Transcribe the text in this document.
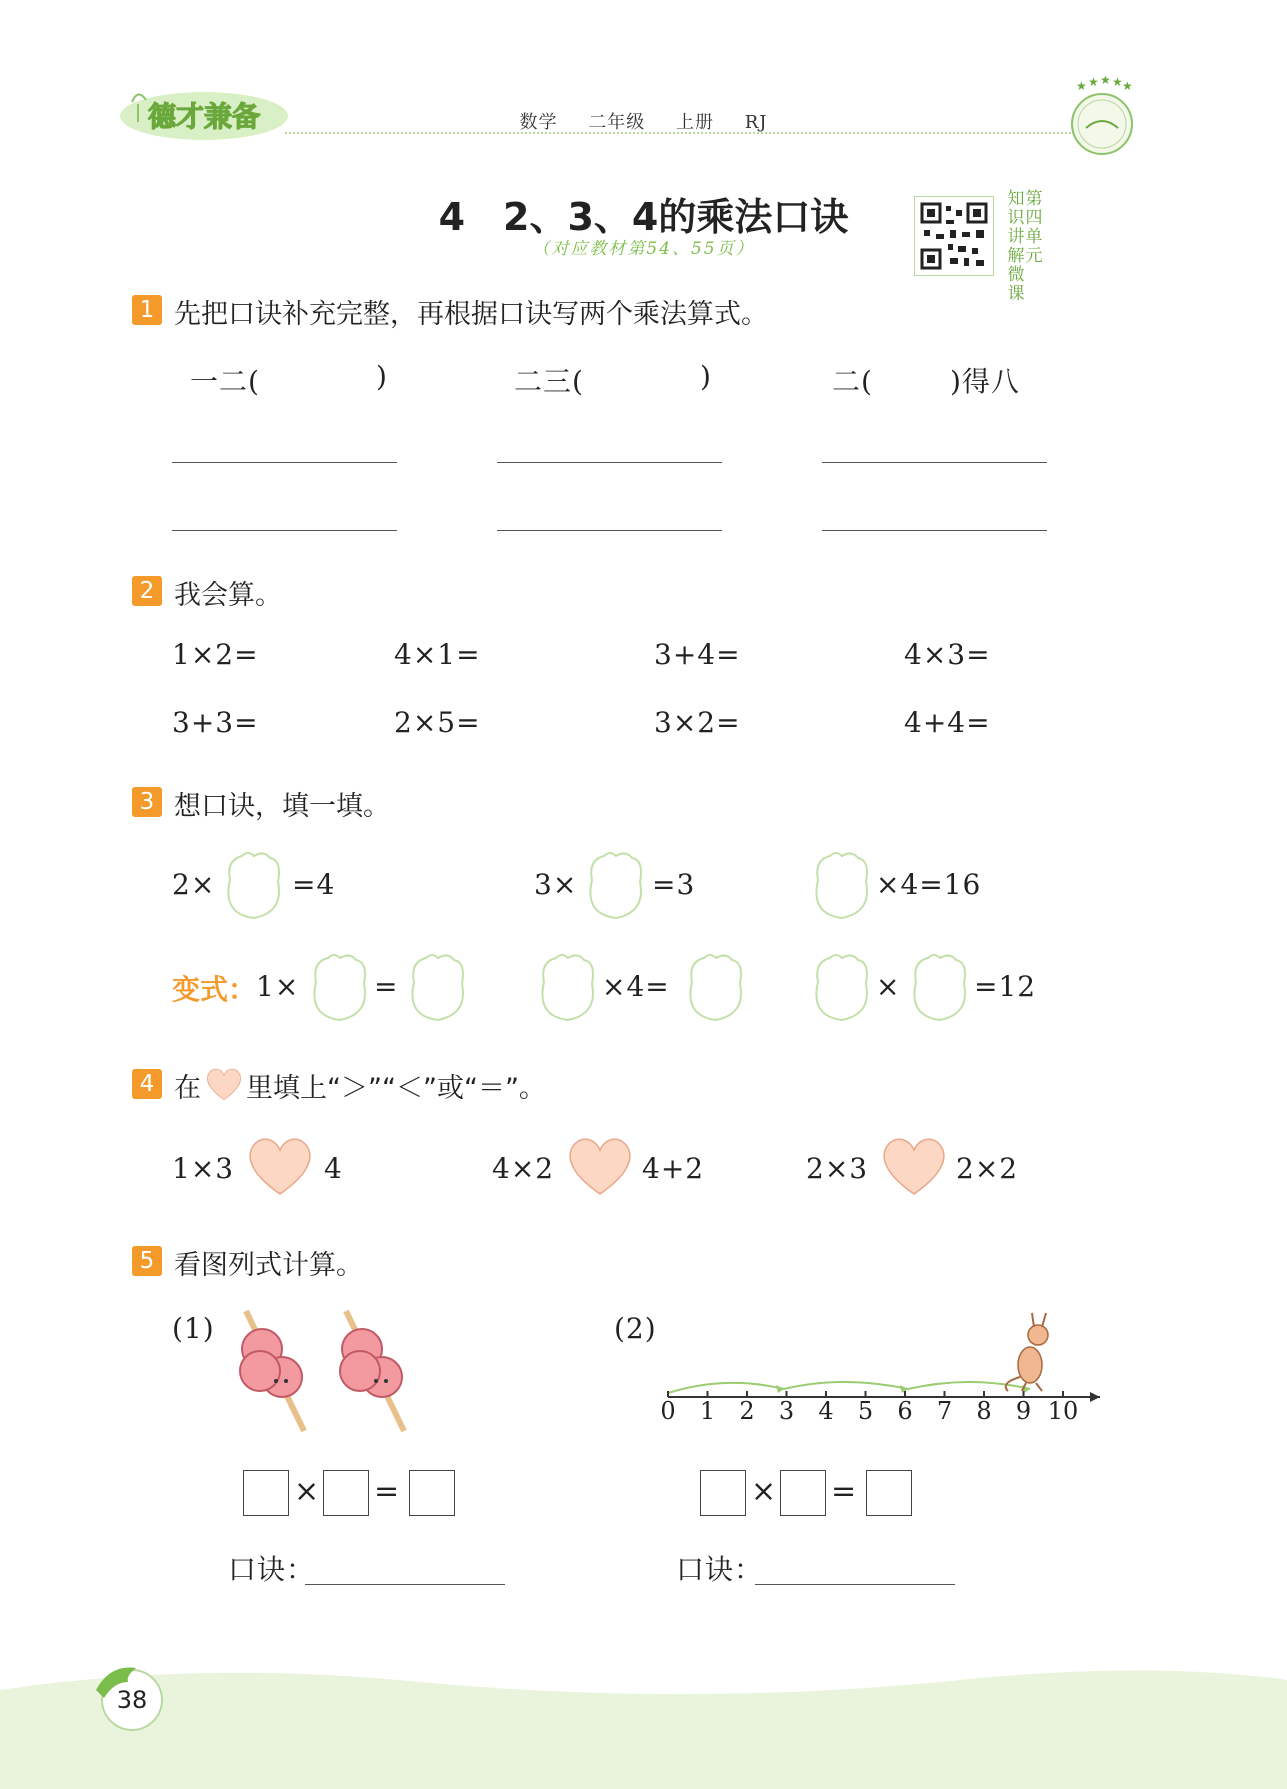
德才兼备	数学 二年级 上册 RJ
★ ★ ★ ★ ★
4　2、3、4的乘法口诀
（对应教材第54、55页）
知识讲解微课
第四单元
1 先把口诀补充完整，再根据口诀写两个乘法算式。
一二(	)	二三(	)	二(	)得八
2 我会算。
1×2=	4×1=	3+4=	4×3=
3+3=	2×5=	3×2=	4+4=
3 想口诀，填一填。
2×	=4	3×	=3	×4=16
变式： 1×	=	×4=	×	=12
4 在 里填上“＞”“＜”或“＝”。
1×3	4	4×2	4+2	2×3	2×2
5 看图列式计算。
(1)	(2)
0 1 2 3 4 5 6 7 8 9 10
× =	× =
口诀：	口诀：
38
